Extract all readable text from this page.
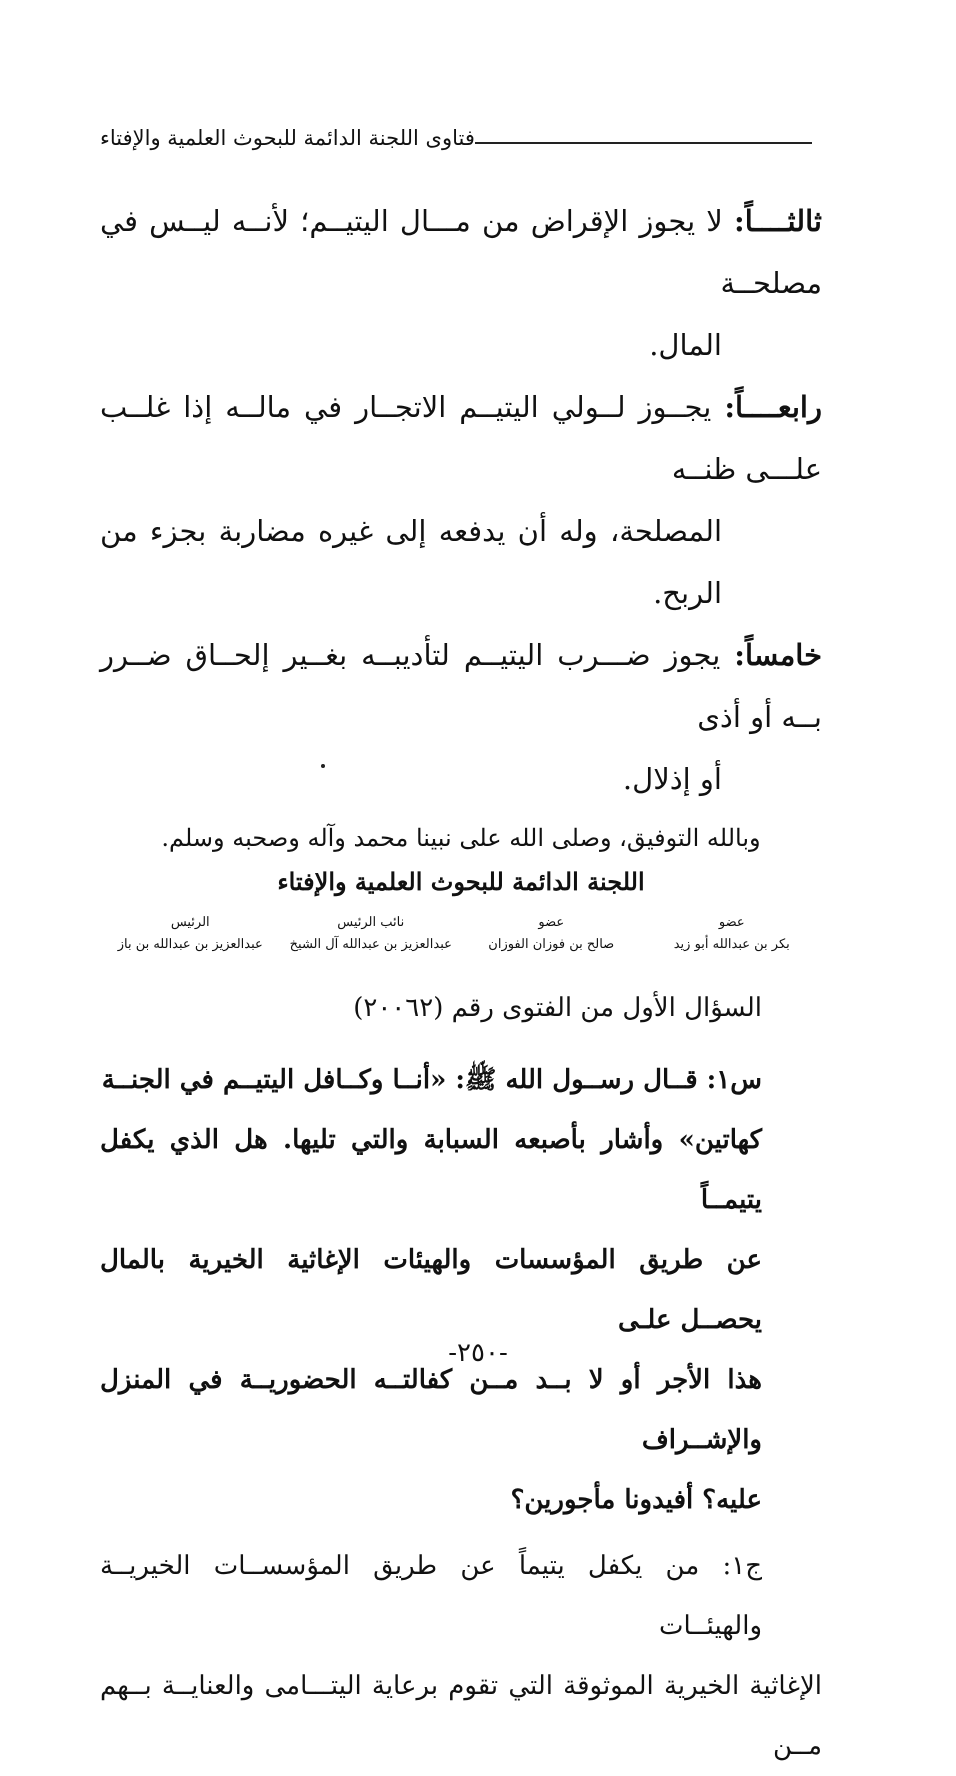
فتاوى اللجنة الدائمة للبحوث العلمية والإفتاء

ثالثــــاً: لا يجوز الإقراض من مـــال اليتيــم؛ لأنــه ليــس في مصلحــة
المال.

رابعــــاً: يجــوز لــولي اليتيــم الاتجــار في مالــه إذا غلــب علـــى ظنــه
المصلحة، وله أن يدفعه إلى غيره مضاربة بجزء من الربح.

خامساً: يجوز ضـــرب اليتيــم لتأديبــه بغــير إلحــاق ضــرر بــه أو أذى
أو إذلال.

وبالله التوفيق، وصلى الله على نبينا محمد وآله وصحبه وسلم.
اللجنة الدائمة للبحوث العلمية والإفتاء
عضو
عضو
نائب الرئيس
الرئيس
بكر بن عبدالله أبو زيد
صالح بن فوزان الفوزان
عبدالعزيز بن عبدالله آل الشيخ
عبدالعزيز بن عبدالله بن باز
السؤال الأول من الفتوى رقم (٢٠٠٦٢)
س١: قــال رســول الله ﷺ: «أنــا وكــافل اليتيــم في الجنــة
كهاتين» وأشار بأصبعه السبابة والتي تليها. هل الذي يكفل يتيمــاً
عن طريق المؤسسات والهيئات الإغاثية الخيرية بالمال يحصــل علـى
هذا الأجر أو لا بــد مــن كفالتــه الحضوريــة في المنزل والإشــراف
عليه؟ أفيدونا مأجورين؟
ج١: من يكفل يتيماً عن طريق المؤسســات الخيريــة والهيئــات
الإغاثية الخيرية الموثوقة التي تقوم برعاية اليتـــامى والعنايــة بــهم مــن
-٢٥٠-
